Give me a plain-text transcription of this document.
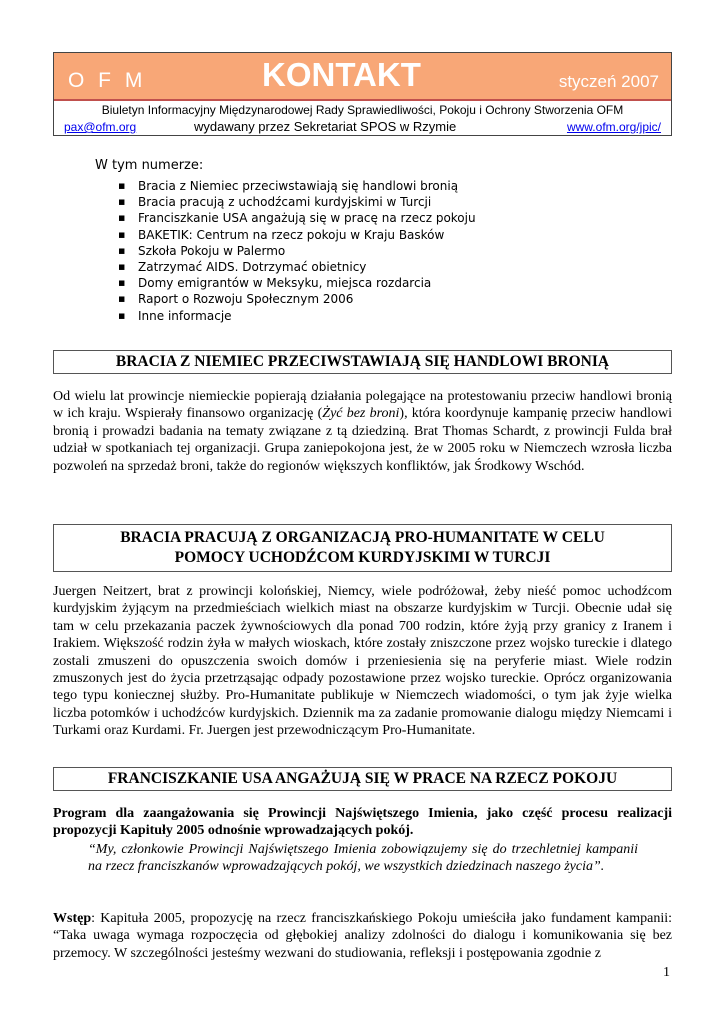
O F M	KONTAKT	styczeń 2007
Biuletyn Informacyjny Międzynarodowej Rady Sprawiedliwości, Pokoju i Ochrony Stworzenia OFM
pax@ofm.org	wydawany przez Sekretariat SPOS w Rzymie	www.ofm.org/jpic/
W tym numerze:
▪ Bracia z Niemiec przeciwstawiają się handlowi bronią
▪ Bracia pracują z uchodźcami kurdyjskimi w Turcji
▪ Franciszkanie USA angażują się w pracę na rzecz pokoju
▪ BAKETIK: Centrum na rzecz pokoju w Kraju Basków
▪ Szkoła Pokoju w Palermo
▪ Zatrzymać AIDS. Dotrzymać obietnicy
▪ Domy emigrantów w Meksyku, miejsca rozdarcia
▪ Raport o Rozwoju Społecznym 2006
▪ Inne informacje
BRACIA Z NIEMIEC PRZECIWSTAWIAJĄ SIĘ HANDLOWI BRONIĄ

Od wielu lat prowincje niemieckie popierają działania polegające na protestowaniu przeciw handlowi bronią w ich kraju. Wspierały finansowo organizację (Żyć bez broni), która koordynuje kampanię przeciw handlowi bronią i prowadzi badania na tematy związane z tą dziedziną. Brat Thomas Schardt, z prowincji Fulda brał udział w spotkaniach tej organizacji. Grupa zaniepokojona jest, że w 2005 roku w Niemczech wzrosła liczba pozwoleń na sprzedaż broni, także do regionów większych konfliktów, jak Środkowy Wschód.

BRACIA PRACUJĄ Z ORGANIZACJĄ PRO-HUMANITATE W CELU
POMOCY UCHODŹCOM KURDYJSKIMI W TURCJI

Juergen Neitzert, brat z prowincji kolońskiej, Niemcy, wiele podróżował, żeby nieść pomoc uchodźcom kurdyjskim żyjącym na przedmieściach wielkich miast na obszarze kurdyjskim w Turcji. Obecnie udał się tam w celu przekazania paczek żywnościowych dla ponad 700 rodzin, które żyją przy granicy z Iranem i Irakiem. Większość rodzin żyła w małych wioskach, które zostały zniszczone przez wojsko tureckie i dlatego zostali zmuszeni do opuszczenia swoich domów i przeniesienia się na peryferie miast. Wiele rodzin zmuszonych jest do życia przetrząsając odpady pozostawione przez wojsko tureckie. Oprócz organizowania tego typu koniecznej służby. Pro-Humanitate publikuje w Niemczech wiadomości, o tym jak żyje wielka liczba potomków i uchodźców kurdyjskich. Dziennik ma za zadanie promowanie dialogu między Niemcami i Turkami oraz Kurdami. Fr. Juergen jest przewodniczącym Pro-Humanitate.

FRANCISZKANIE USA ANGAŻUJĄ SIĘ W PRACE NA RZECZ POKOJU

Program dla zaangażowania się Prowincji Najświętszego Imienia, jako część procesu realizacji propozycji Kapituły 2005 odnośnie wprowadzających pokój.

“My, członkowie Prowincji Najświętszego Imienia zobowiązujemy się do trzechletniej kampanii na rzecz franciszkanów wprowadzających pokój, we wszystkich dziedzinach naszego życia”.

Wstęp: Kapituła 2005, propozycję na rzecz franciszkańskiego Pokoju umieściła jako fundament kampanii: “Taka uwaga wymaga rozpoczęcia od głębokiej analizy zdolności do dialogu i komunikowania się bez przemocy. W szczególności jesteśmy wezwani do studiowania, refleksji i postępowania zgodnie z

1
